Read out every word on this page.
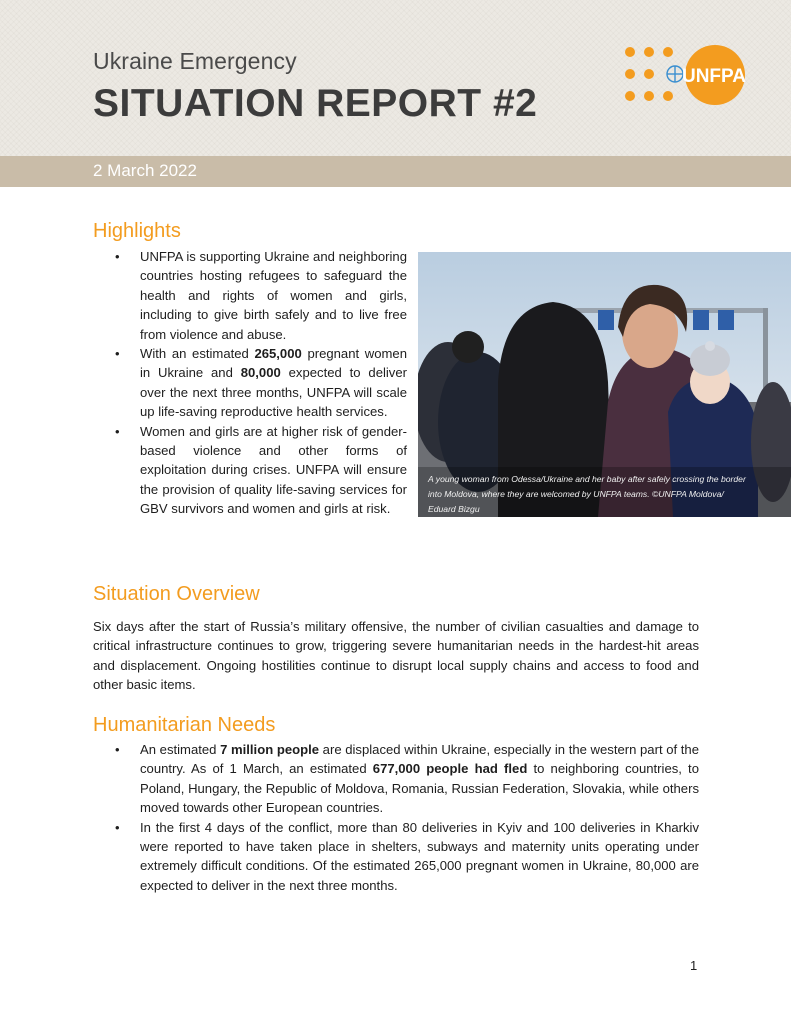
Ukraine Emergency
SITUATION REPORT #2
UNFPA
2 March 2022
Highlights
• UNFPA is supporting Ukraine and neighboring countries hosting refugees to safeguard the health and rights of women and girls, including to give birth safely and to live free from violence and abuse.
• With an estimated 265,000 pregnant women in Ukraine and 80,000 expected to deliver over the next three months, UNFPA will scale up life-saving reproductive health services.
• Women and girls are at higher risk of gender-based violence and other forms of exploitation during crises. UNFPA will ensure the provision of quality life-saving services for GBV survivors and women and girls at risk.
A young woman from Odessa/Ukraine and her baby after safely crossing the border into Moldova, where they are welcomed by UNFPA teams. ©UNFPA Moldova/ Eduard Bizgu
Situation Overview

Six days after the start of Russia’s military offensive, the number of civilian casualties and damage to critical infrastructure continues to grow, triggering severe humanitarian needs in the hardest-hit areas and displacement. Ongoing hostilities continue to disrupt local supply chains and access to food and other basic items.

Humanitarian Needs
• An estimated 7 million people are displaced within Ukraine, especially in the western part of the country. As of 1 March, an estimated 677,000 people had fled to neighboring countries, to Poland, Hungary, the Republic of Moldova, Romania, Russian Federation, Slovakia, while others moved towards other European countries.
• In the first 4 days of the conflict, more than 80 deliveries in Kyiv and 100 deliveries in Kharkiv were reported to have taken place in shelters, subways and maternity units operating under extremely difficult conditions. Of the estimated 265,000 pregnant women in Ukraine, 80,000 are expected to deliver in the next three months.
1
